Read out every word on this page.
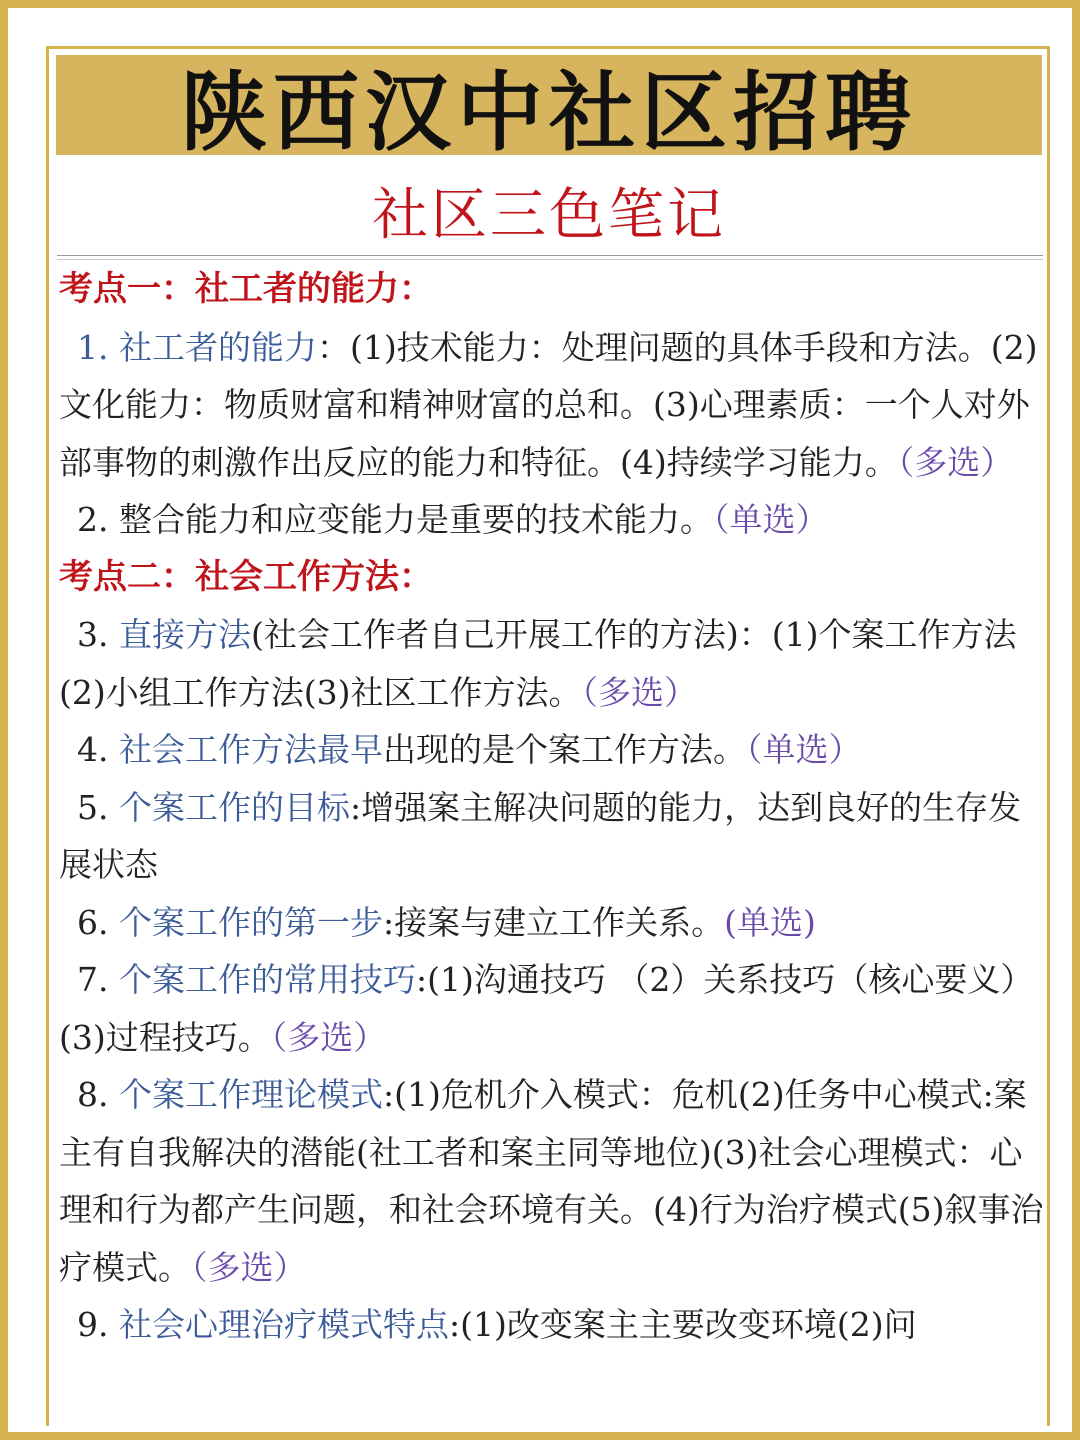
陕西汉中社区招聘
社区三色笔记
考点一：社工者的能力：
1. 社工者的能力：(1)技术能力：处理问题的具体手段和方法。(2)文化能力：物质财富和精神财富的总和。(3)心理素质：一个人对外部事物的刺激作出反应的能力和特征。(4)持续学习能力。（多选）
2. 整合能力和应变能力是重要的技术能力。（单选）
考点二：社会工作方法：
3. 直接方法(社会工作者自己开展工作的方法)：(1)个案工作方法(2)小组工作方法(3)社区工作方法。（多选）
4. 社会工作方法最早出现的是个案工作方法。（单选）
5. 个案工作的目标:增强案主解决问题的能力，达到良好的生存发展状态
6. 个案工作的第一步:接案与建立工作关系。(单选)
7. 个案工作的常用技巧:(1)沟通技巧 （2）关系技巧（核心要义）(3)过程技巧。（多选）
8. 个案工作理论模式:(1)危机介入模式：危机(2)任务中心模式:案主有自我解决的潜能(社工者和案主同等地位)(3)社会心理模式：心理和行为都产生问题，和社会环境有关。(4)行为治疗模式(5)叙事治疗模式。（多选）
9. 社会心理治疗模式特点:(1)改变案主主要改变环境(2)问
